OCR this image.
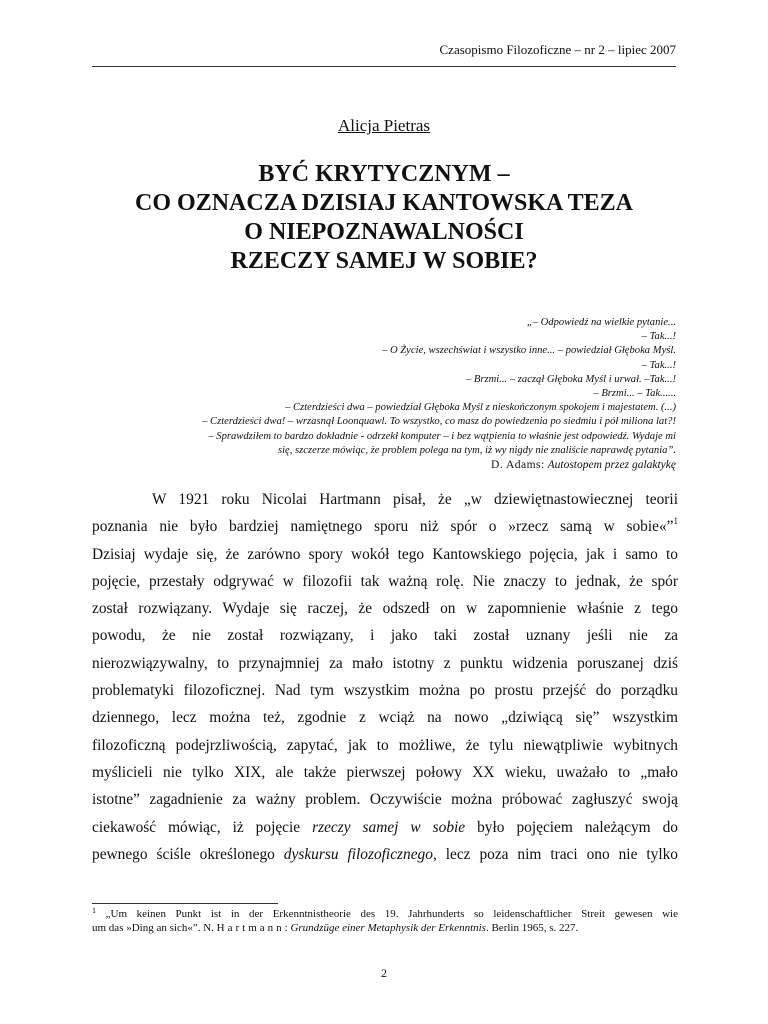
Czasopismo Filozoficzne – nr 2 – lipiec 2007
Alicja Pietras
BYĆ KRYTYCZNYM –
CO OZNACZA DZISIAJ KANTOWSKA TEZA
O NIEPOZNAWALNOŚCI
RZECZY SAMEJ W SOBIE?
„– Odpowiedź na wielkie pytanie...
– Tak...!
– O Życie, wszechświat i wszystko inne... – powiedział Głęboka Myśl.
– Tak...!
– Brzmi... – zaczął Głęboka Myśl i urwał. –Tak...!
– Brzmi... – Tak......
– Czterdzieści dwa – powiedział Głęboka Myśl z nieskończonym spokojem i majestatem. (...)
– Czterdzieści dwa! – wrzasnął Loonquawl. To wszystko, co masz do powiedzenia po siedmiu i pół miliona lat?!
– Sprawdziłem to bardzo dokładnie - odrzekł komputer – i bez wątpienia to właśnie jest odpowiedź. Wydaje mi
się, szczerze mówiąc, że problem polega na tym, iż wy nigdy nie znaliście naprawdę pytania”.
D. Adams: Autostopem przez galaktykę

W 1921 roku Nicolai Hartmann pisał, że „w dziewiętnastowiecznej teorii
poznania nie było bardziej namiętnego sporu niż spór o »rzecz samą w sobie«”$^1$
Dzisiaj wydaje się, że zarówno spory wokół tego Kantowskiego pojęcia, jak i samo to
pojęcie, przestały odgrywać w filozofii tak ważną rolę. Nie znaczy to jednak, że spór
został rozwiązany. Wydaje się raczej, że odszedł on w zapomnienie właśnie z tego
powodu, że nie został rozwiązany, i jako taki został uznany jeśli nie za
nierozwiązywalny, to przynajmniej za mało istotny z punktu widzenia poruszanej dziś
problematyki filozoficznej. Nad tym wszystkim można po prostu przejść do porządku
dziennego, lecz można też, zgodnie z wciąż na nowo „dziwiącą się” wszystkim
filozoficzną podejrzliwością, zapytać, jak to możliwe, że tylu niewątpliwie wybitnych
myślicieli nie tylko XIX, ale także pierwszej połowy XX wieku, uważało to „mało
istotne” zagadnienie za ważny problem. Oczywiście można próbować zagłuszyć swoją
ciekawość mówiąc, iż pojęcie rzeczy samej w sobie było pojęciem należącym do
pewnego ściśle określonego dyskursu filozoficznego, lecz poza nim traci ono nie tylko

$^1$ „Um keinen Punkt ist in der Erkenntnistheorie des 19. Jahrhunderts so leidenschaftlicher Streit gewesen wie
um das »Ding an sich«”. N. Hartmann: Grundzüge einer Metaphysik der Erkenntnis. Berlin 1965, s. 227.
2
